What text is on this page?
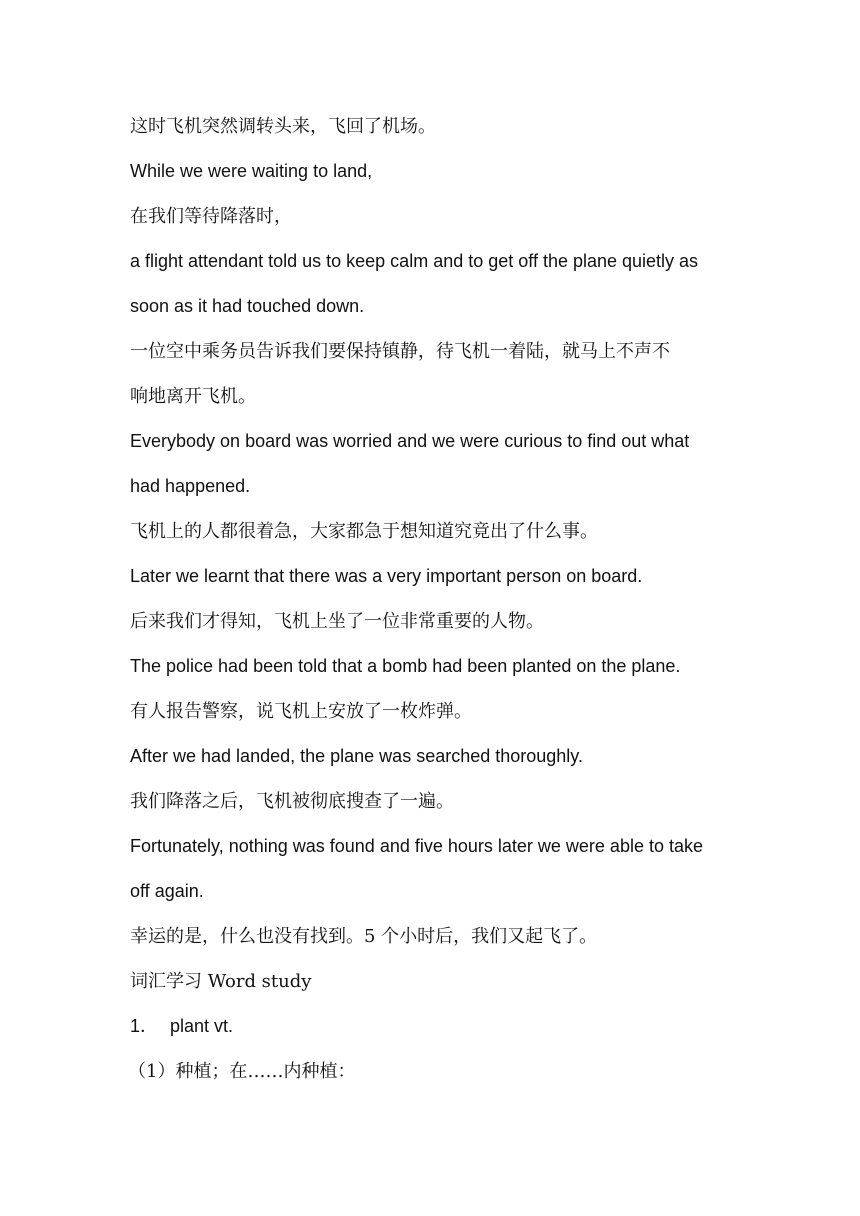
这时飞机突然调转头来，飞回了机场。
While we were waiting to land,
在我们等待降落时，
a flight attendant told us to keep calm and to get off the plane quietly as
soon as it had touched down.
一位空中乘务员告诉我们要保持镇静，待飞机一着陆，就马上不声不
响地离开飞机。
Everybody on board was worried and we were curious to find out what
had happened.
飞机上的人都很着急，大家都急于想知道究竟出了什么事。
Later we learnt that there was a very important person on board.
后来我们才得知，飞机上坐了一位非常重要的人物。
The police had been told that a bomb had been planted on the plane.
有人报告警察，说飞机上安放了一枚炸弹。
After we had landed, the plane was searched thoroughly.
我们降落之后，飞机被彻底搜查了一遍。
Fortunately, nothing was found and five hours later we were able to take
off again.
幸运的是，什么也没有找到。5 个小时后，我们又起飞了。
词汇学习 Word study
1． plant vt.
（1）种植；在……内种植：
